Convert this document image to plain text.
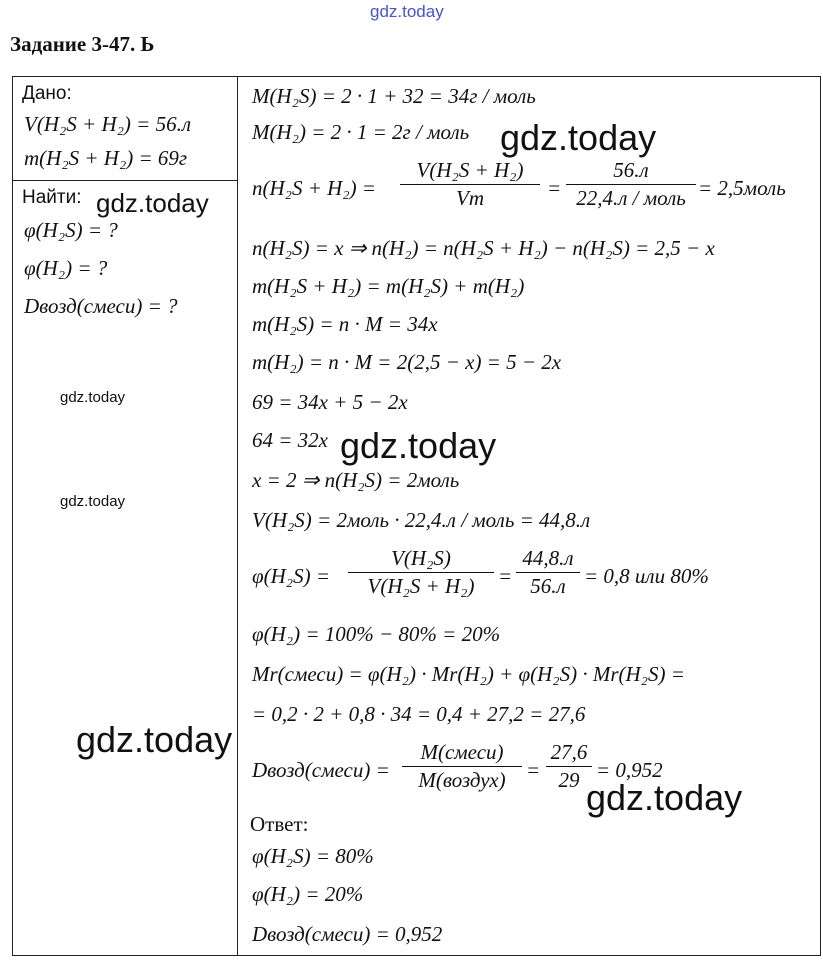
gdz.today
Задание 3-47. Ь
Дано:
V(H₂S + H₂) = 56.л
m(H₂S + H₂) = 69г
Найти:
φ(H₂S) = ?
φ(H₂) = ?
Dвозд(смеси) = ?
M(H₂S) = 2 · 1 + 32 = 34г / моль
M(H₂) = 2 · 1 = 2г / моль
n(H₂S + H₂) =
V(H₂S + H₂)
Vm	=
56.л
22,4.л / моль = 2,5моль
n(H₂S) = x ⇒ n(H₂) = n(H₂S + H₂) − n(H₂S) = 2,5 − x
m(H₂S + H₂) = m(H₂S) + m(H₂)
m(H₂S) = n · M = 34x
m(H₂) = n · M = 2(2,5 − x) = 5 − 2x
69 = 34x + 5 − 2x
64 = 32x
x = 2 ⇒ n(H₂S) = 2моль
V(H₂S) = 2моль · 22,4.л / моль = 44,8.л
φ(H₂S) =
V(H₂S)
V(H₂S + H₂)	=
44,8.л
56.л = 0,8 или 80%
φ(H₂) = 100% − 80% = 20%
Mr(смеси) = φ(H₂) · Mr(H₂) + φ(H₂S) · Mr(H₂S) =
= 0,2 · 2 + 0,8 · 34 = 0,4 + 27,2 = 27,6
Dвозд(смеси) =
M(смеси)
M(воздух) =
27,6
29 = 0,952
Ответ:
φ(H₂S) = 80%
φ(H₂) = 20%
Dвозд(смеси) = 0,952
gdz.today
gdz.today
gdz.today
gdz.today
gdz.today
gdz.today
gdz.today
